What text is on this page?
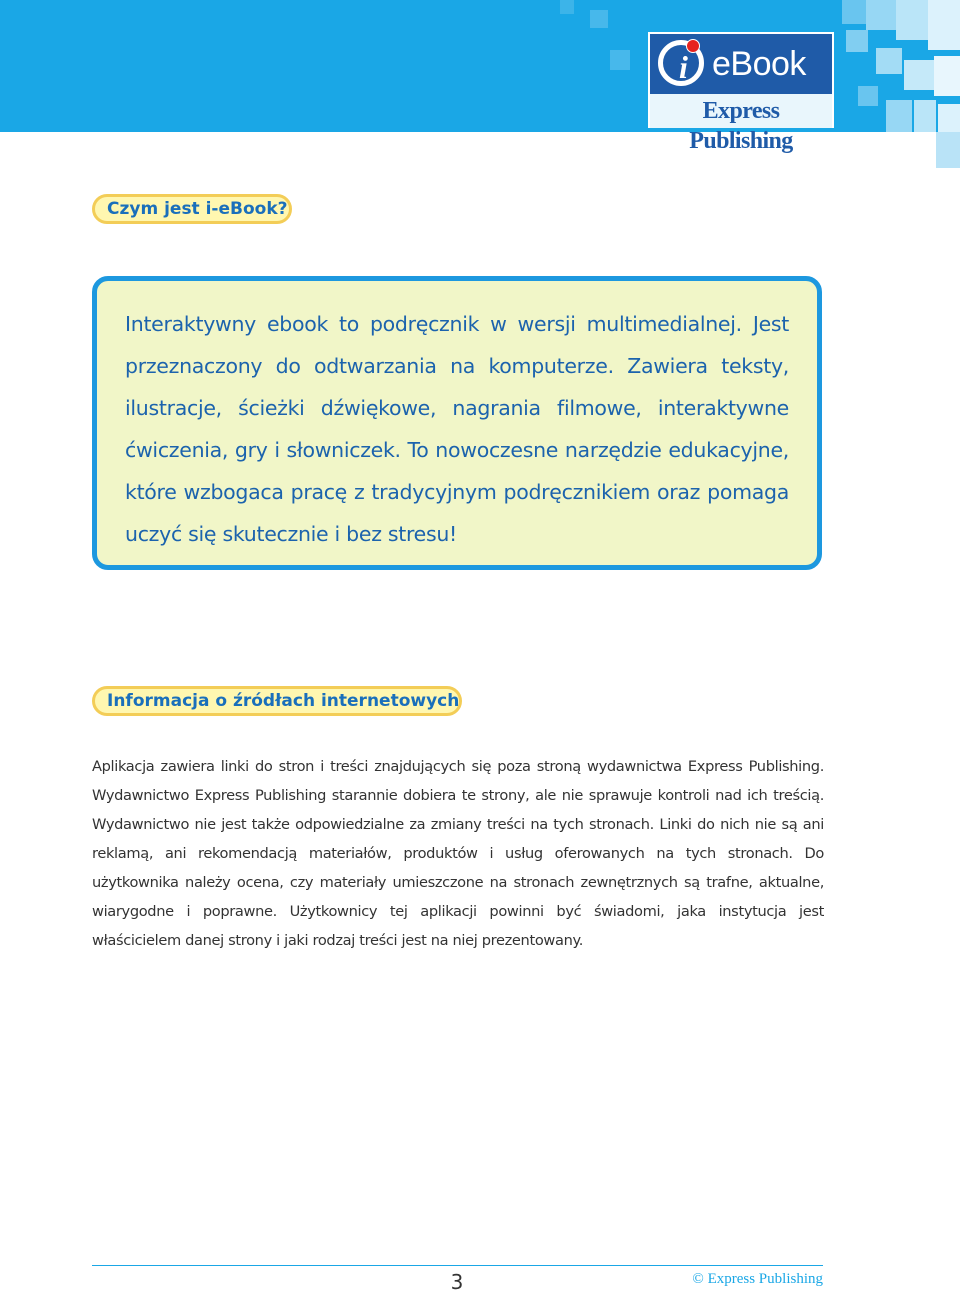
i eBook
Express Publishing
Czym jest i-eBook?

Interaktywny ebook to podręcznik w wersji multimedialnej. Jest przeznaczony do odtwarzania na komputerze. Zawiera teksty, ilustracje, ścieżki dźwiękowe, nagrania filmowe, interaktywne ćwiczenia, gry i słowniczek. To nowoczesne narzędzie edukacyjne, które wzbogaca pracę z tradycyjnym podręcznikiem oraz pomaga uczyć się skutecznie i bez stresu!

Informacja o źródłach internetowych

Aplikacja zawiera linki do stron i treści znajdujących się poza stroną wydawnictwa Express Publishing. Wydawnictwo Express Publishing starannie dobiera te strony, ale nie sprawuje kontroli nad ich treścią. Wydawnictwo nie jest także odpowiedzialne za zmiany treści na tych stronach. Linki do nich nie są ani reklamą, ani rekomendacją materiałów, produktów i usług oferowanych na tych stronach. Do użytkownika należy ocena, czy materiały umieszczone na stronach zewnętrznych są trafne, aktualne, wiarygodne i poprawne. Użytkownicy tej aplikacji powinni być świadomi, jaka instytucja jest właścicielem danej strony i jaki rodzaj treści jest na niej prezentowany.

3	© Express Publishing
